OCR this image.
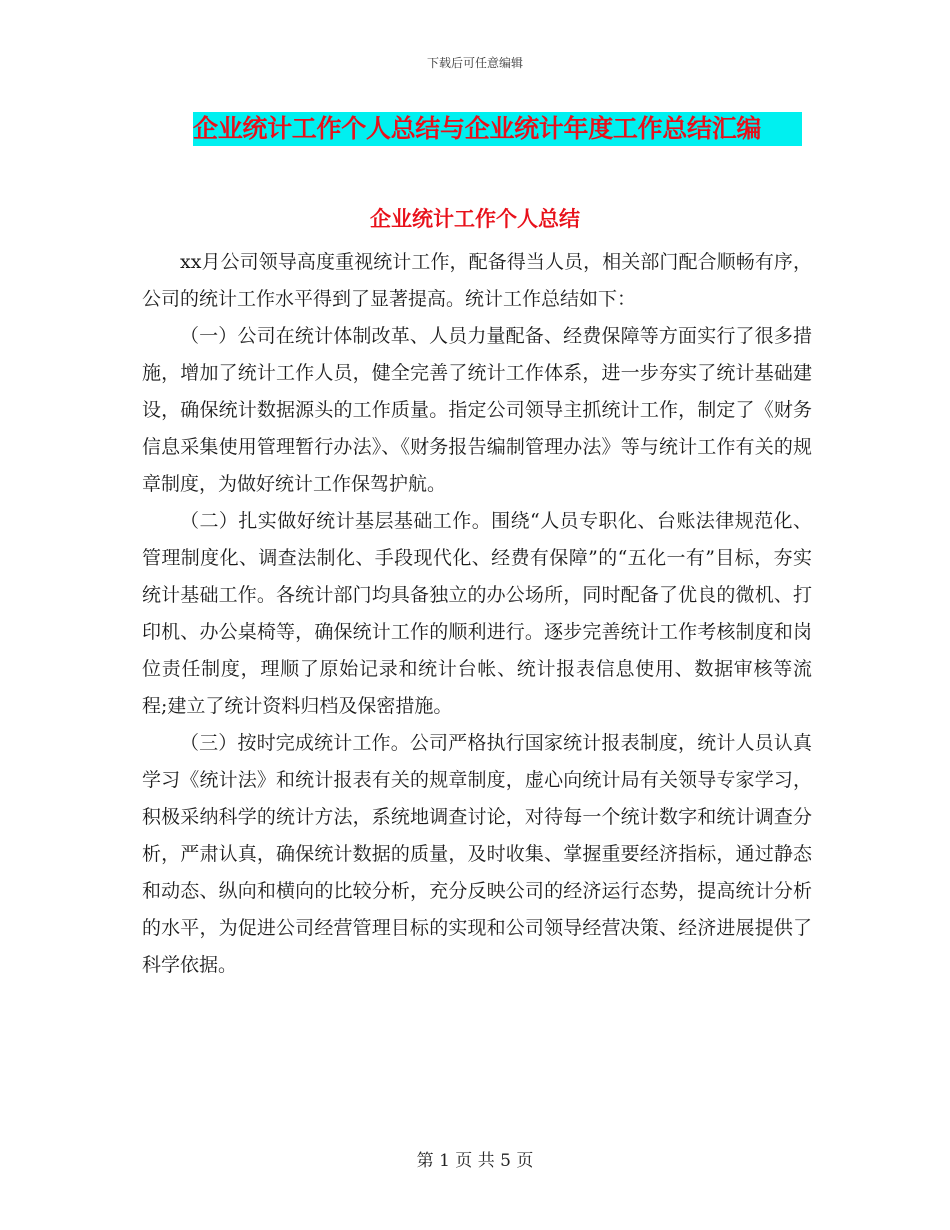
下载后可任意编辑
企业统计工作个人总结与企业统计年度工作总结汇编
企业统计工作个人总结

xx月公司领导高度重视统计工作，配备得当人员，相关部门配合顺畅有序，公司的统计工作水平得到了显著提高。统计工作总结如下：

（一）公司在统计体制改革、人员力量配备、经费保障等方面实行了很多措施，增加了统计工作人员，健全完善了统计工作体系，进一步夯实了统计基础建设，确保统计数据源头的工作质量。指定公司领导主抓统计工作，制定了《财务信息采集使用管理暂行办法》、《财务报告编制管理办法》等与统计工作有关的规章制度，为做好统计工作保驾护航。

（二）扎实做好统计基层基础工作。围绕“人员专职化、台账法律规范化、管理制度化、调查法制化、手段现代化、经费有保障”的“五化一有”目标，夯实统计基础工作。各统计部门均具备独立的办公场所，同时配备了优良的微机、打印机、办公桌椅等，确保统计工作的顺利进行。逐步完善统计工作考核制度和岗位责任制度，理顺了原始记录和统计台帐、统计报表信息使用、数据审核等流程;建立了统计资料归档及保密措施。

（三）按时完成统计工作。公司严格执行国家统计报表制度，统计人员认真学习《统计法》和统计报表有关的规章制度，虚心向统计局有关领导专家学习，积极采纳科学的统计方法，系统地调查讨论，对待每一个统计数字和统计调查分析，严肃认真，确保统计数据的质量，及时收集、掌握重要经济指标，通过静态和动态、纵向和横向的比较分析，充分反映公司的经济运行态势，提高统计分析的水平，为促进公司经营管理目标的实现和公司领导经营决策、经济进展提供了科学依据。

第 1 页 共 5 页
